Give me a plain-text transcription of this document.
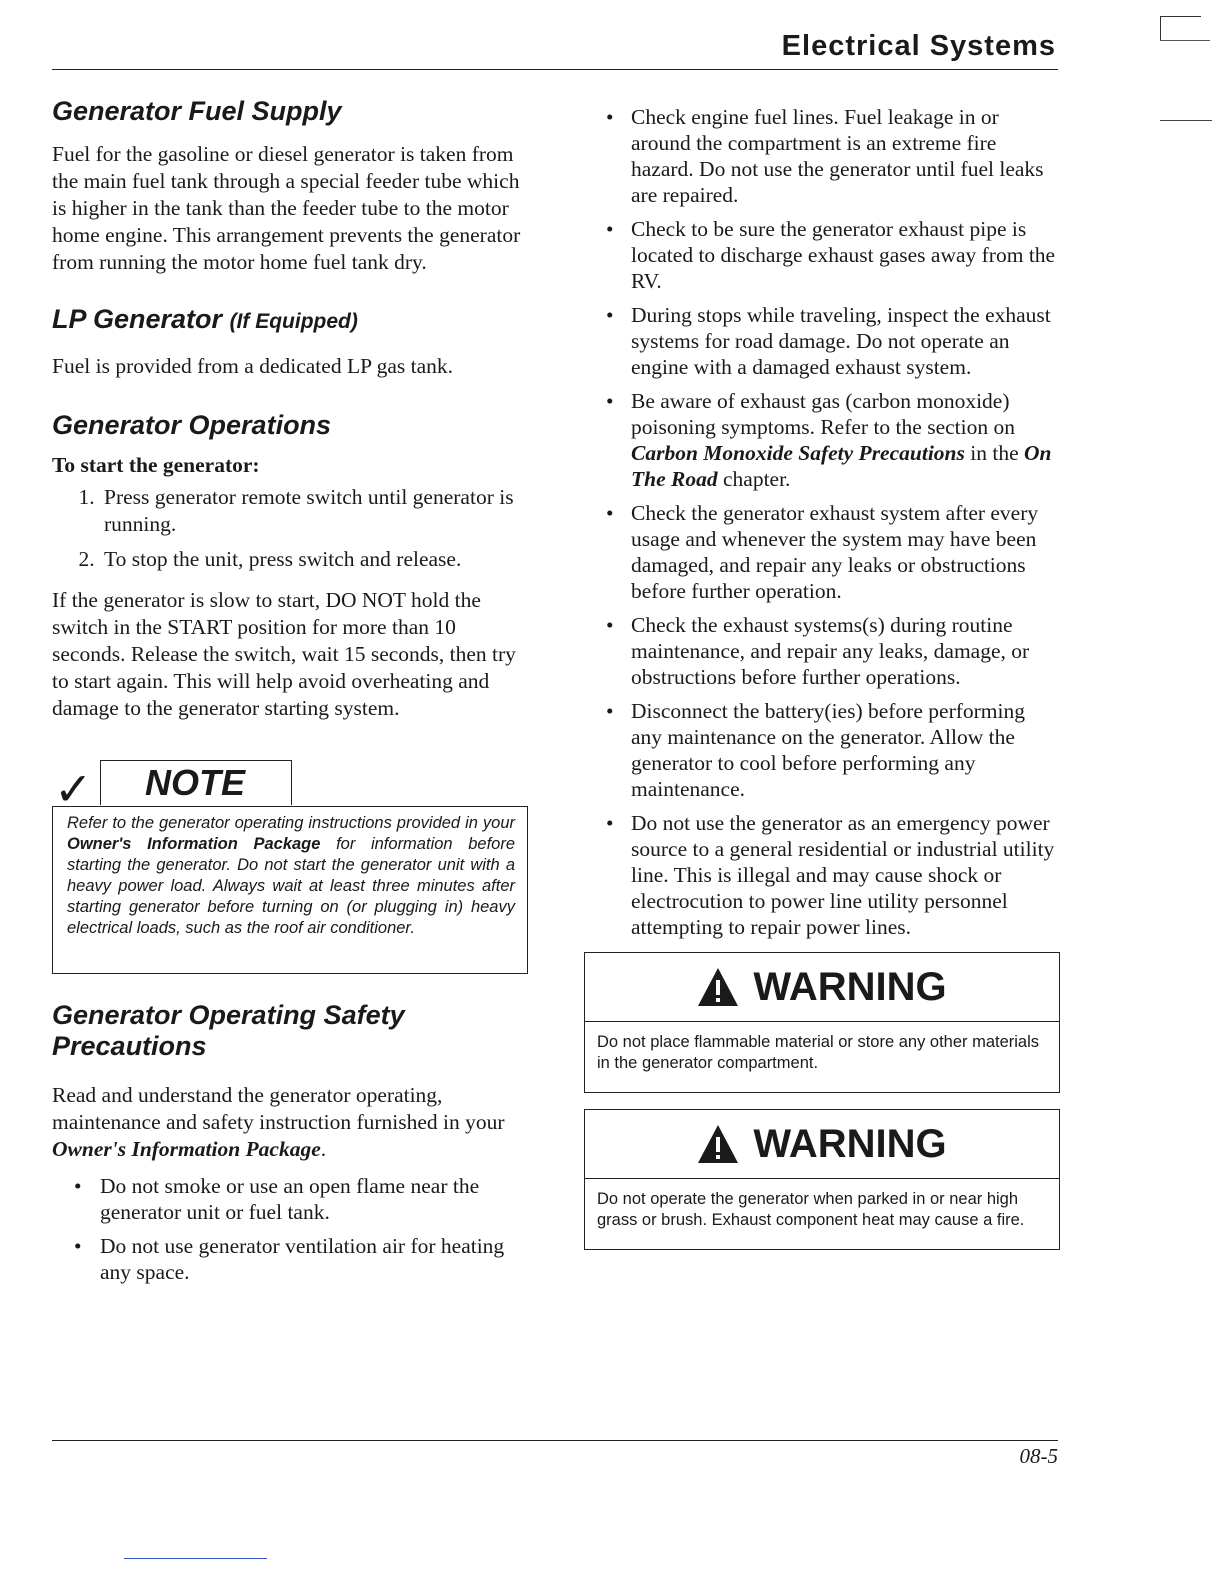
Electrical Systems
Generator Fuel Supply

Fuel for the gasoline or diesel generator is taken from the main fuel tank through a special feeder tube which is higher in the tank than the feeder tube to the motor home engine. This arrangement prevents the generator from running the motor home fuel tank dry.

LP Generator (If Equipped)

Fuel is provided from a dedicated LP gas tank.

Generator Operations
To start the generator:
1. Press generator remote switch until generator is running.
2. To stop the unit, press switch and release.

If the generator is slow to start, DO NOT hold the switch in the START position for more than 10 seconds. Release the switch, wait 15 seconds, then try to start again. This will help avoid overheating and damage to the generator starting system.

✓ NOTE
Refer to the generator operating instructions provided in your Owner's Information Package for information before starting the generator. Do not start the generator unit with a heavy power load. Always wait at least three minutes after starting generator before turning on (or plugging in) heavy electrical loads, such as the roof air conditioner.
Generator Operating Safety Precautions

Read and understand the generator operating, maintenance and safety instruction furnished in your Owner's Information Package.

• Do not smoke or use an open flame near the generator unit or fuel tank.
• Do not use generator ventilation air for heating any space.
• Check engine fuel lines. Fuel leakage in or around the compartment is an extreme fire hazard. Do not use the generator until fuel leaks are repaired.
• Check to be sure the generator exhaust pipe is located to discharge exhaust gases away from the RV.
• During stops while traveling, inspect the exhaust systems for road damage. Do not operate an engine with a damaged exhaust system.
• Be aware of exhaust gas (carbon monoxide) poisoning symptoms. Refer to the section on Carbon Monoxide Safety Precautions in the On The Road chapter.
• Check the generator exhaust system after every usage and whenever the system may have been damaged, and repair any leaks or obstructions before further operation.
• Check the exhaust systems(s) during routine maintenance, and repair any leaks, damage, or obstructions before further operations.
• Disconnect the battery(ies) before performing any maintenance on the generator. Allow the generator to cool before performing any maintenance.
• Do not use the generator as an emergency power source to a general residential or industrial utility line. This is illegal and may cause shock or electrocution to power line utility personnel attempting to repair power lines.
WARNING
Do not place flammable material or store any other materials in the generator compartment.
WARNING
Do not operate the generator when parked in or near high grass or brush. Exhaust component heat may cause a fire.
08-5
